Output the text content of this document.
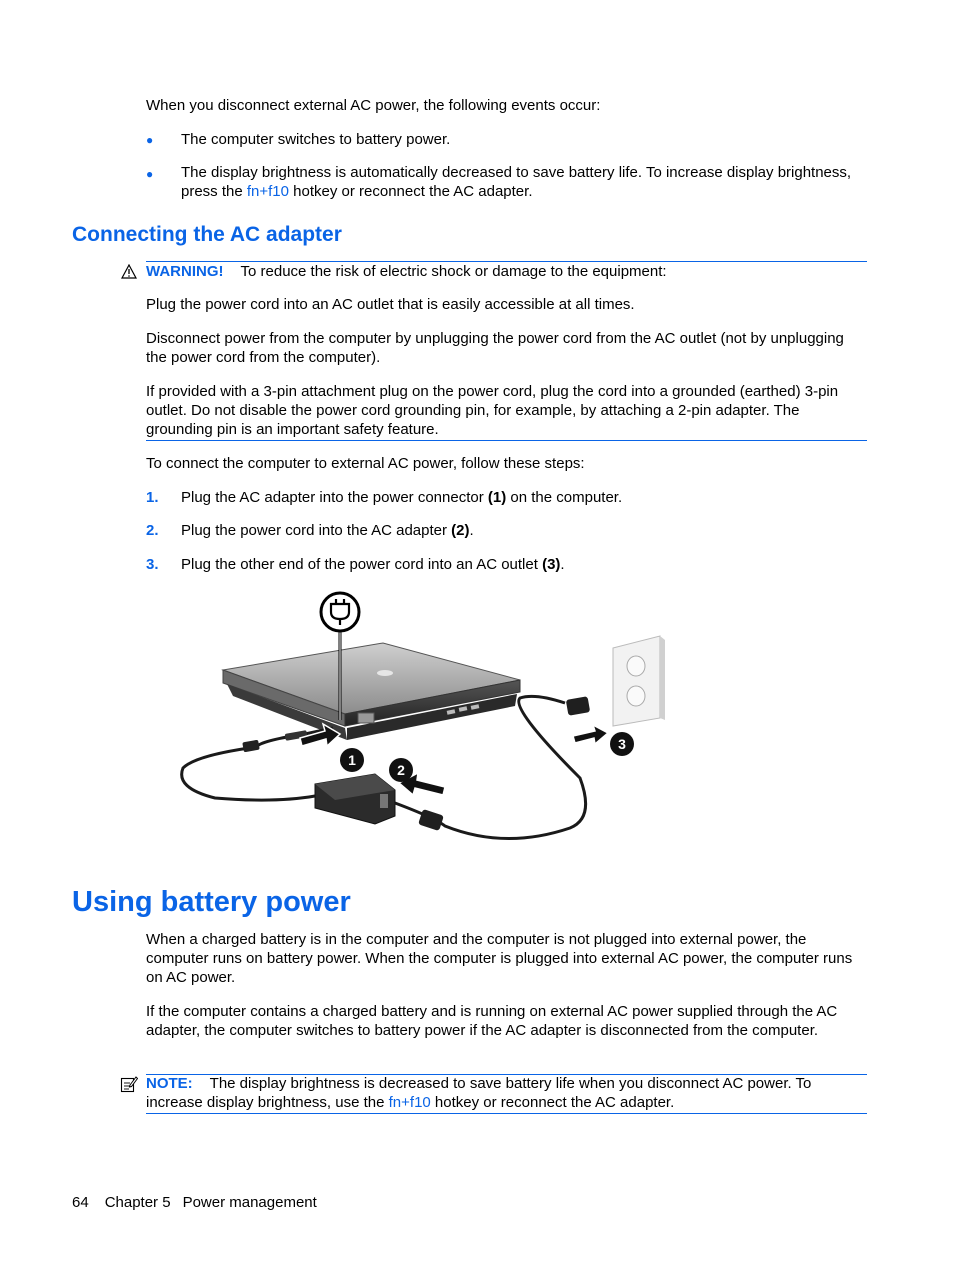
When you disconnect external AC power, the following events occur:

● The computer switches to battery power.

● The display brightness is automatically decreased to save battery life. To increase display brightness, press the fn+f10 hotkey or reconnect the AC adapter.

Connecting the AC adapter

WARNING! To reduce the risk of electric shock or damage to the equipment:

Plug the power cord into an AC outlet that is easily accessible at all times.

Disconnect power from the computer by unplugging the power cord from the AC outlet (not by unplugging the power cord from the computer).

If provided with a 3-pin attachment plug on the power cord, plug the cord into a grounded (earthed) 3-pin outlet. Do not disable the power cord grounding pin, for example, by attaching a 2-pin adapter. The grounding pin is an important safety feature.

To connect the computer to external AC power, follow these steps:

1. Plug the AC adapter into the power connector (1) on the computer.

2. Plug the power cord into the AC adapter (2).

3. Plug the other end of the power cord into an AC outlet (3).

1
2
3
Using battery power

When a charged battery is in the computer and the computer is not plugged into external power, the computer runs on battery power. When the computer is plugged into external AC power, the computer runs on AC power.

If the computer contains a charged battery and is running on external AC power supplied through the AC adapter, the computer switches to battery power if the AC adapter is disconnected from the computer.

NOTE: The display brightness is decreased to save battery life when you disconnect AC power. To increase display brightness, use the fn+f10 hotkey or reconnect the AC adapter.

64 Chapter 5 Power management
